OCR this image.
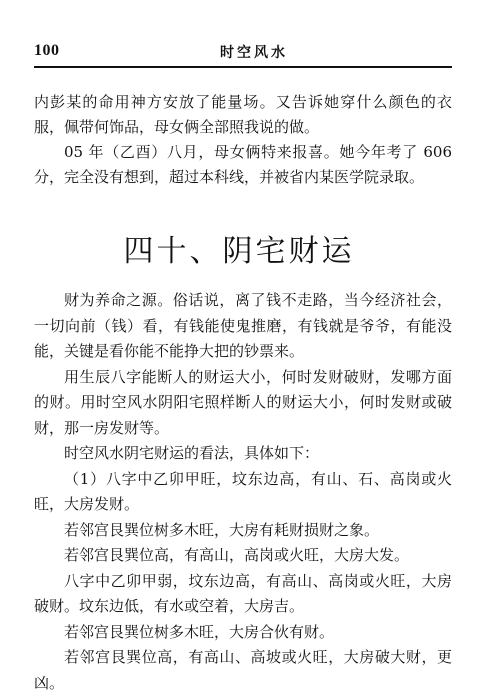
100	时空风水

内彭某的命用神方安放了能量场。又告诉她穿什么颜色的衣服，佩带何饰品，母女俩全部照我说的做。

05 年（乙酉）八月，母女俩特来报喜。她今年考了 606 分，完全没有想到，超过本科线，并被省内某医学院录取。

四十、阴宅财运

财为养命之源。俗话说，离了钱不走路，当今经济社会，一切向前（钱）看，有钱能使鬼推磨，有钱就是爷爷，有能没能，关键是看你能不能挣大把的钞票来。

用生辰八字能断人的财运大小，何时发财破财，发哪方面的财。用时空风水阴阳宅照样断人的财运大小，何时发财或破财，那一房发财等。

时空风水阴宅财运的看法，具体如下：

（1）八字中乙卯甲旺，坟东边高，有山、石、高岗或火旺，大房发财。

若邻宫艮巽位树多木旺，大房有耗财损财之象。

若邻宫艮巽位高，有高山，高岗或火旺，大房大发。

八字中乙卯甲弱，坟东边高，有高山、高岗或火旺，大房破财。坟东边低，有水或空着，大房吉。

若邻宫艮巽位树多木旺，大房合伙有财。

若邻宫艮巽位高，有高山、高坡或火旺，大房破大财，更凶。
